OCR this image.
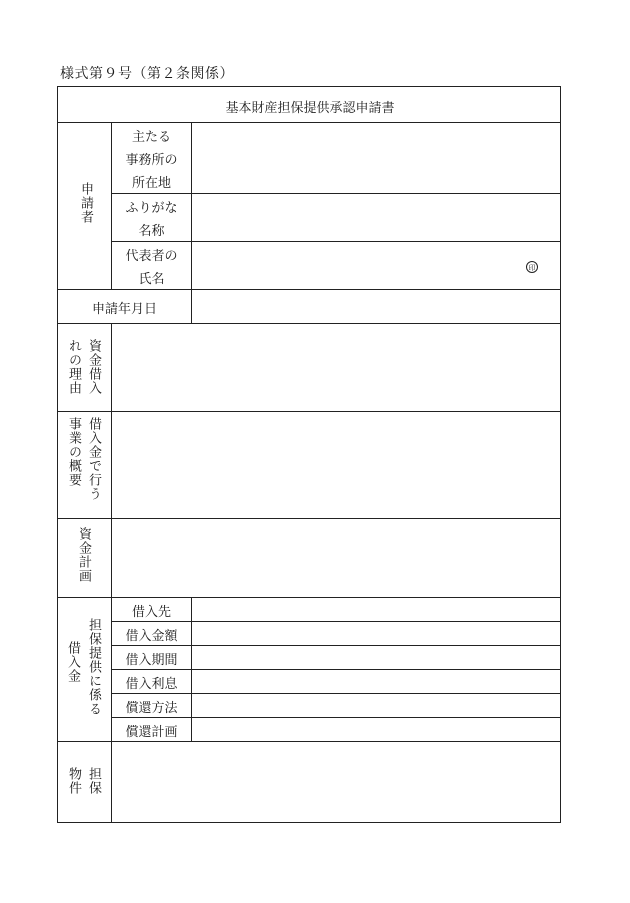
様式第９号（第２条関係）
基本財産担保提供承認申請書
申請者
主たる
事務所の
所在地
ふりがな
名称
代表者の
氏名
印
申請年月日
資金借入
れの理由
借入金で行う
事業の概要
資金計画
借入金 担保提供に係る
借入先
借入金額
借入期間
借入利息
償還方法
償還計画
担保
物件
